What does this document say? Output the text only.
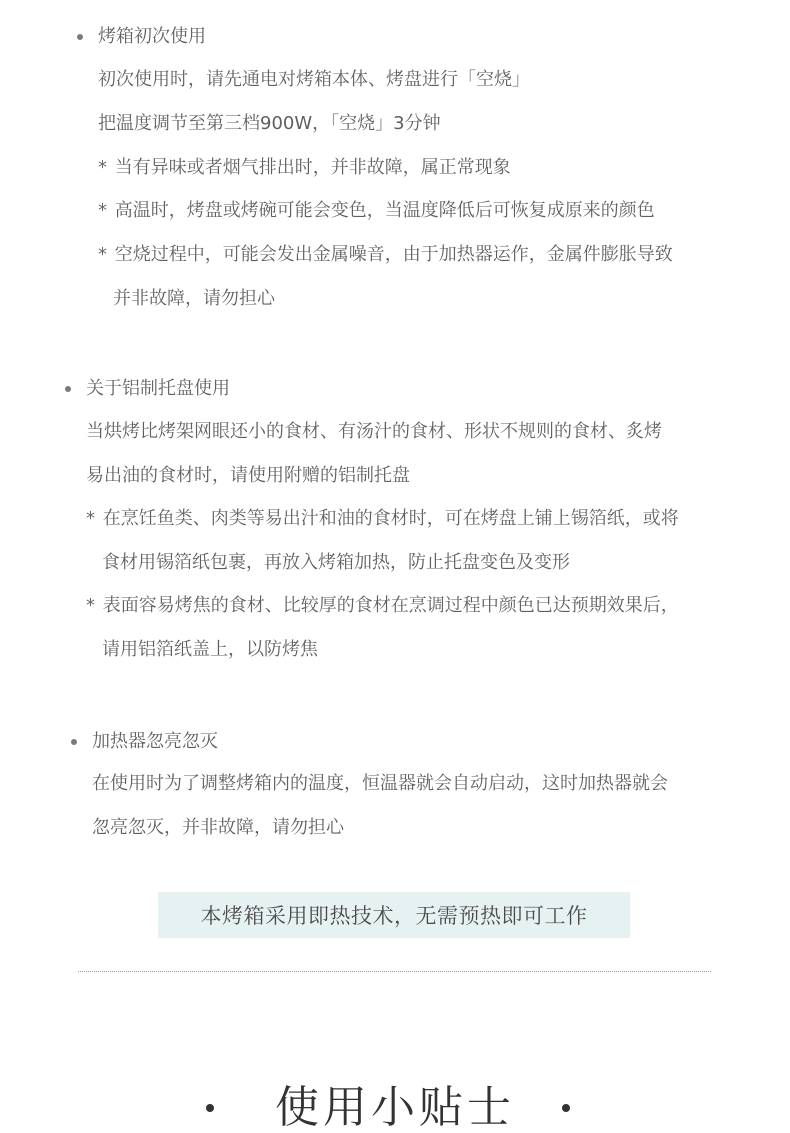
烤箱初次使用
初次使用时，请先通电对烤箱本体、烤盘进行「空烧」
把温度调节至第三档900W，「空烧」3分钟
* 当有异味或者烟气排出时，并非故障，属正常现象
* 高温时，烤盘或烤碗可能会变色，当温度降低后可恢复成原来的颜色
* 空烧过程中，可能会发出金属噪音，由于加热器运作，金属件膨胀导致
并非故障，请勿担心
关于铝制托盘使用
当烘烤比烤架网眼还小的食材、有汤汁的食材、形状不规则的食材、炙烤
易出油的食材时，请使用附赠的铝制托盘
* 在烹饪鱼类、肉类等易出汁和油的食材时，可在烤盘上铺上锡箔纸，或将
食材用锡箔纸包裹，再放入烤箱加热，防止托盘变色及变形
* 表面容易烤焦的食材、比较厚的食材在烹调过程中颜色已达预期效果后，
请用铝箔纸盖上，以防烤焦
加热器忽亮忽灭
在使用时为了调整烤箱内的温度，恒温器就会自动启动，这时加热器就会
忽亮忽灭，并非故障，请勿担心
本烤箱采用即热技术，无需预热即可工作
使用小贴士
